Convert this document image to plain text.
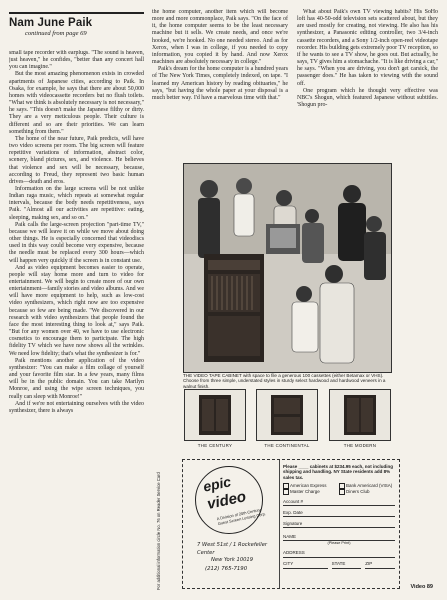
Nam June Paik
continued from page 69

small tape recorder with earplugs. "The sound is heaven, just heaven," he confides, "better than any concert hall you can imagine."

But the most amazing phenomenon exists in crowded apartments of Japanese cities, according to Paik. In Osaka, for example, he says that there are about 50,000 homes with videocassette recorders but no flush toilets. "What we think is absolutely necessary is not necessary," he says. "This doesn't make the Japanese filthy or dirty. They are a very meticulous people. Their culture is different and so are their priorities. We can learn something from them."

The home of the near future, Paik predicts, will have two video screens per room. The big screen will feature repetitive variations of information, abstract color, scenery, bland pictures, sex, and violence. He believes that violence and sex will be necessary, because, according to Freud, they represent two basic human drives—death and eros.

Information on the large screens will be not unlike Indian raga music, which repeats at somewhat regular intervals, because the body needs repetitiveness, says Paik. "Almost all our activities are repetitive: eating, sleeping, making sex, and so on."

Paik calls the large-screen projection "part-time TV," because we will leave it on while we move about doing other things. He is especially concerned that videodiscs used in this way could become very expensive, because the needle must be replaced every 300 hours—which will happen very quickly if the screen is in constant use.

And as video equipment becomes easier to operate, people will stay home more and turn to video for entertainment. We will begin to create more of our own entertainment—family stories and video albums. And we will have more equipment to help, such as low-cost video synthesizers, which right now are too expensive because so few are being made. "We discovered in our research with video synthesizers that people found the face the most interesting thing to look at," says Paik. "But for any women over 40, we have to use electronic cosmetics to encourage them to participate. The high fidelity TV which we have now shows all the wrinkles. We need low fidelity; that's what the synthesizer is for."

Paik mentions another application of the video synthesizer: "You can make a film collage of yourself and your favorite film star. In a few years, many films will be in the public domain. You can take Marilyn Monroe, and using the wipe screen techniques, you really can sleep with Monroe!"

And if we're not entertaining ourselves with the video synthesizer, there is always

the home computer, another item which will become more and more commonplace, Paik says. "On the face of it, the home computer seems to be the least necessary machine but it sells. We create needs, and once we're hooked, we're hooked. No one needed stereo. And as for Xerox, when I was in college, if you needed to copy information, you copied it by hand. And now Xerox machines are absolutely necessary in college."

Paik's dream for the home computer is a hundred years of The New York Times, completely indexed, on tape. "I learned my American history by reading obituaries," he says, "but having the whole paper at your disposal is a much better way. I'd have a marvelous time with that."

What about Paik's own TV viewing habits? His SoHo loft has 40-50-odd television sets scattered about, but they are used mostly for creating, not viewing. He also has his synthesizer, a Panasonic editing controller, two 3/4-inch cassette recorders, and a Sony 1/2-inch open-reel videotape recorder. His building gets extremely poor TV reception, so if he wants to see a TV show, he goes out. But actually, he says, TV gives him a stomachache. "It is like driving a car," he says. "When you are driving, you don't get carsick, the passenger does." He has taken to viewing with the sound off.

One program which he thought very effective was NBC's Shogun, which featured Japanese without subtitles. 'Shogun pro-

THE VIDEO TAPE CABINET with space to file a generous 100 cassettes (either Betamax or VHS). Choose from three simple, understated styles in sturdy select hardwood and hardwood veneers in a walnut finish.
THE CENTURY	THE CONTINENTAL	THE MODERN
For additional information circle No. 76 on Reader Service Card	epic
video
A Division of 20th Century Guest Screen Lessing Corp.
7 West 51st / 1 Rockefeller Center
New York 10019
(212) 765-7190
Please ____ cabinets at $234.95 each, not including shipping and handling. NY State residents add 8% sales tax.
American Express	Bank Americard (VISA)
Master Charge	Diners Club
Account #
Exp. Date
Signature
NAME
(Please Print)
ADDRESS
CITY	STATE	ZIP
Video 89
